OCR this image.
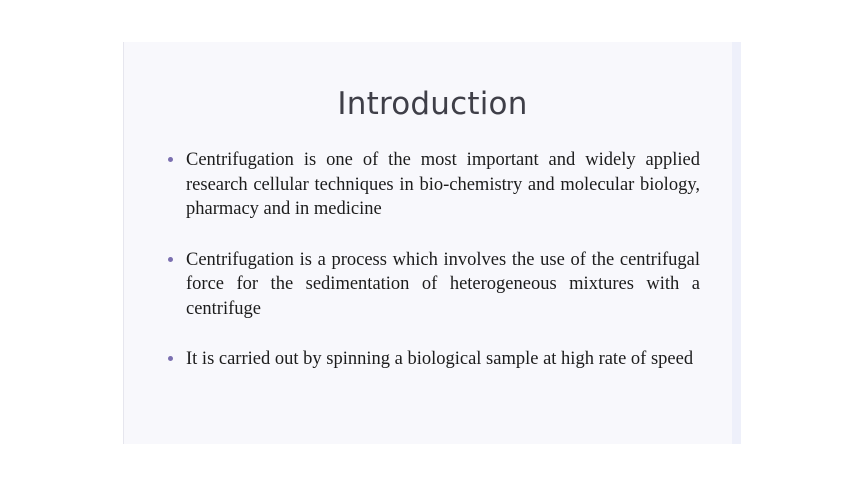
Introduction
Centrifugation is one of the most important and widely applied research cellular techniques in bio-chemistry and molecular biology, pharmacy and in medicine
Centrifugation is a process which involves the use of the centrifugal force for the sedimentation of heterogeneous mixtures with a centrifuge
It is carried out by spinning a biological sample at high rate of speed
